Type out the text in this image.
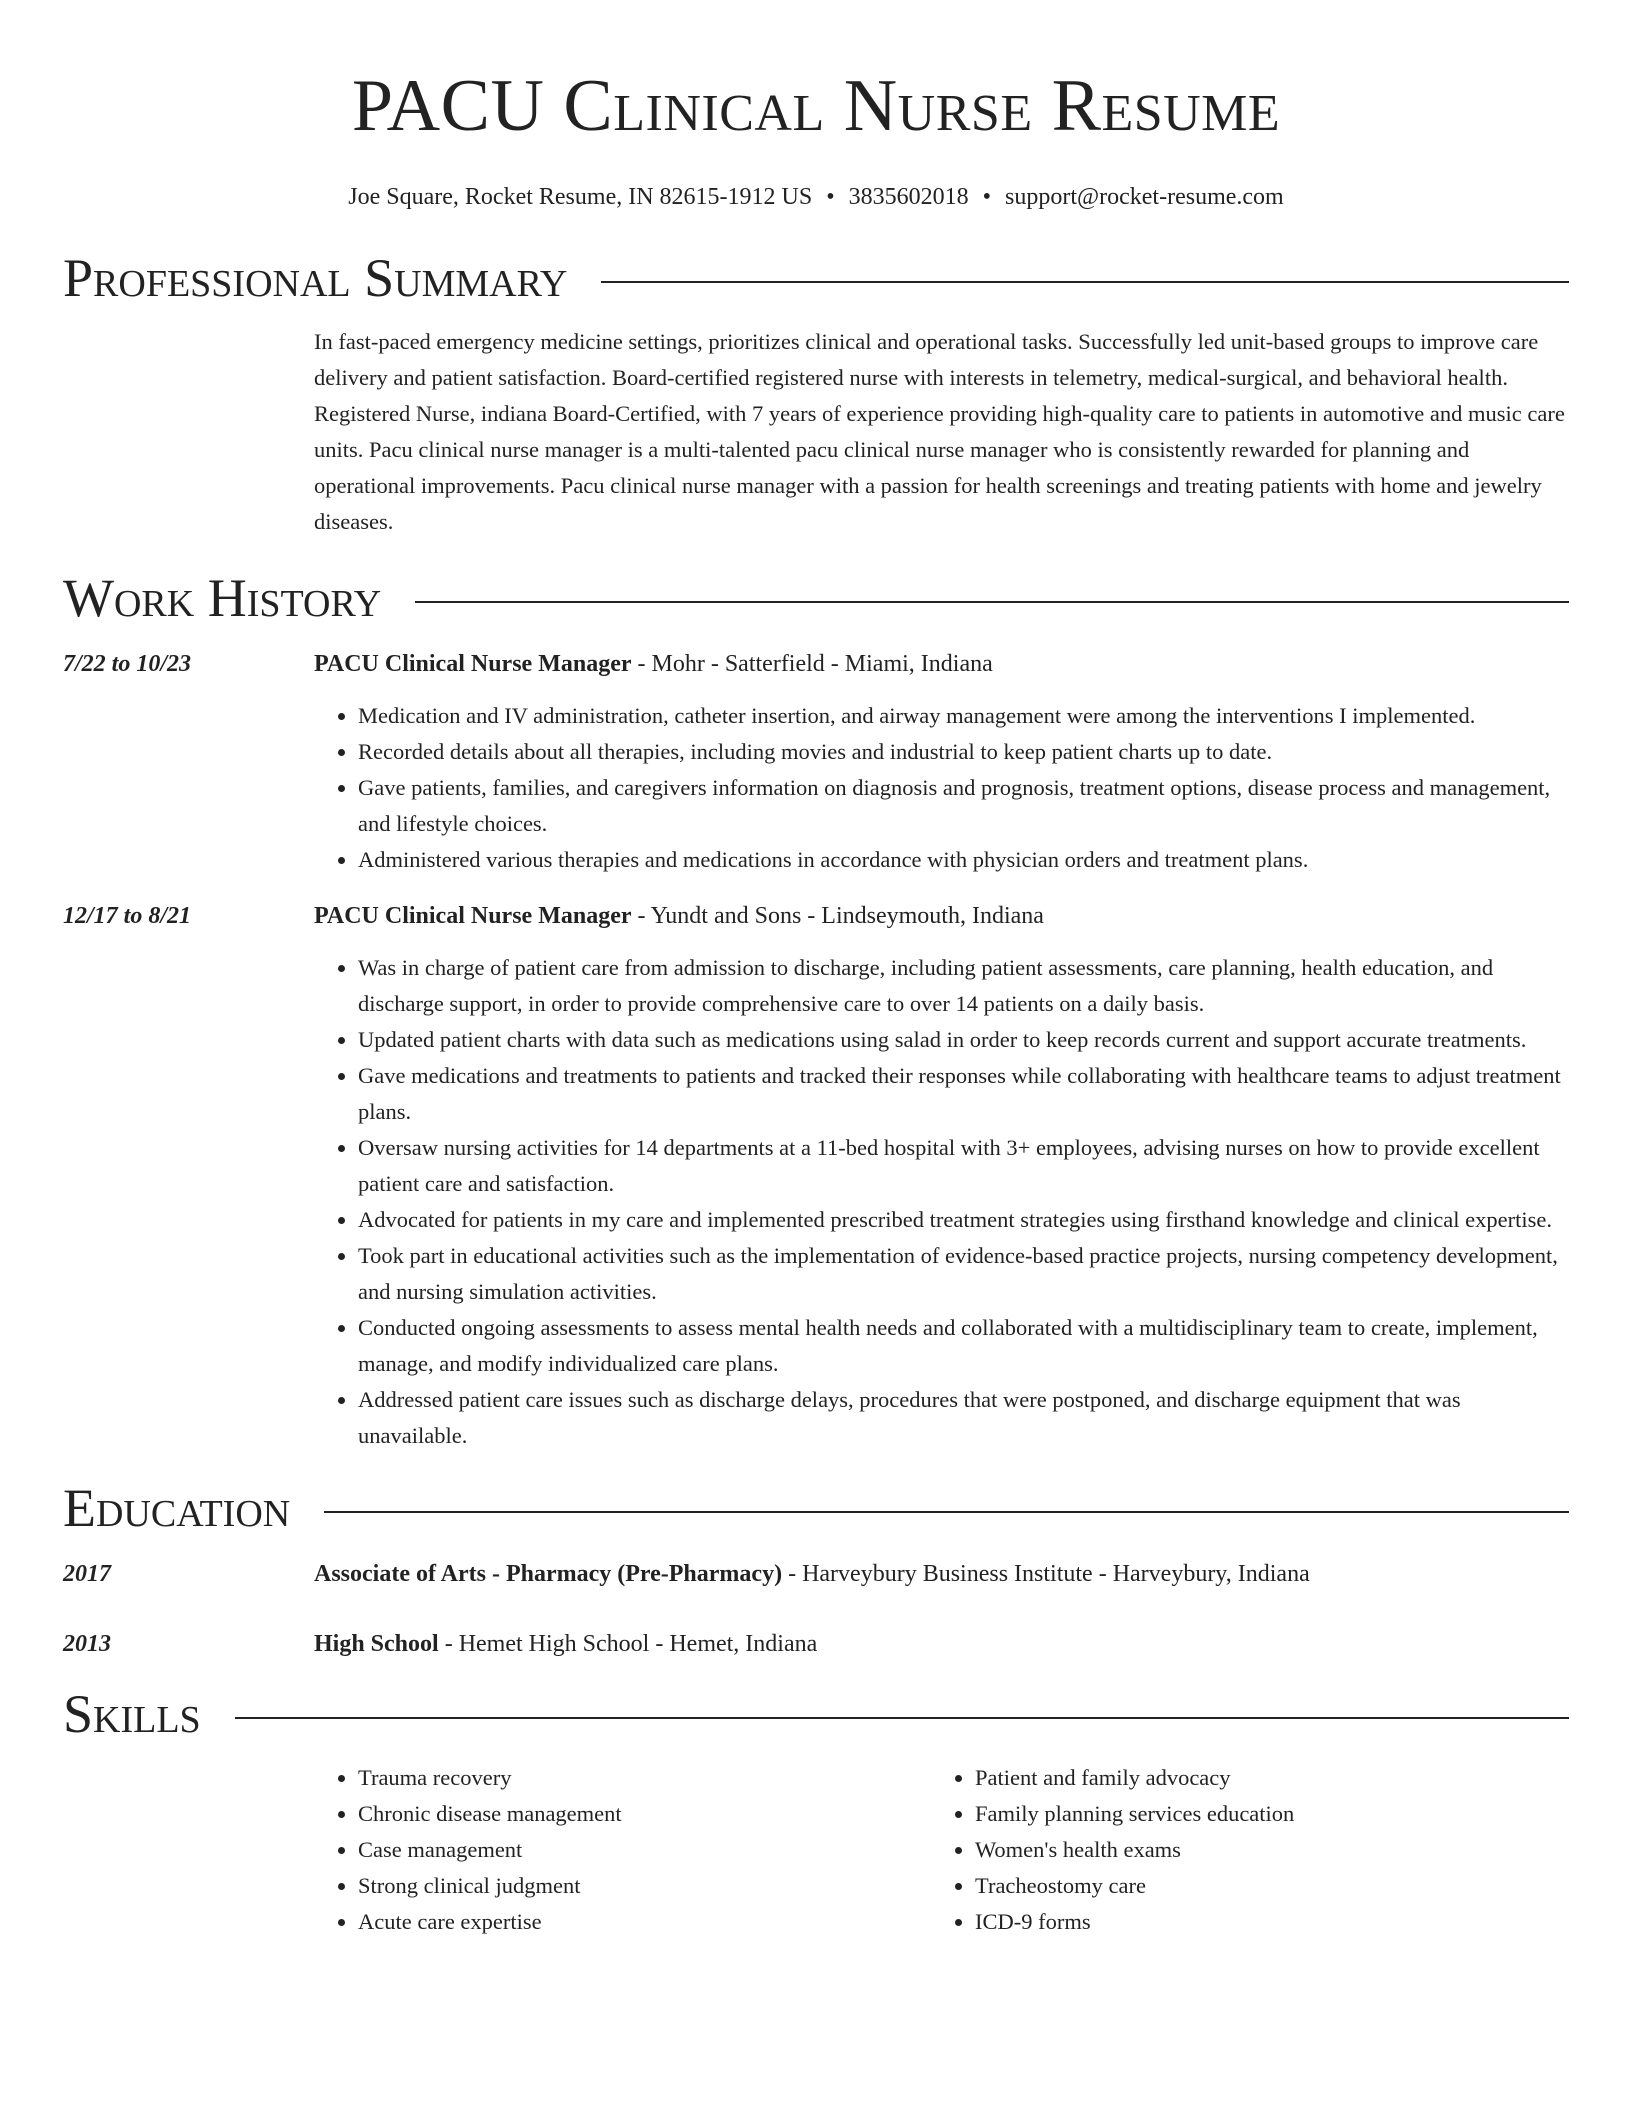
PACU Clinical Nurse Resume
Joe Square, Rocket Resume, IN 82615-1912 US • 3835602018 • support@rocket-resume.com
Professional Summary
In fast-paced emergency medicine settings, prioritizes clinical and operational tasks. Successfully led unit-based groups to improve care delivery and patient satisfaction. Board-certified registered nurse with interests in telemetry, medical-surgical, and behavioral health. Registered Nurse, indiana Board-Certified, with 7 years of experience providing high-quality care to patients in automotive and music care units. Pacu clinical nurse manager is a multi-talented pacu clinical nurse manager who is consistently rewarded for planning and operational improvements. Pacu clinical nurse manager with a passion for health screenings and treating patients with home and jewelry diseases.
Work History
7/22 to 10/23	PACU Clinical Nurse Manager - Mohr - Satterfield - Miami, Indiana
• Medication and IV administration, catheter insertion, and airway management were among the interventions I implemented.
• Recorded details about all therapies, including movies and industrial to keep patient charts up to date.
• Gave patients, families, and caregivers information on diagnosis and prognosis, treatment options, disease process and management, and lifestyle choices.
• Administered various therapies and medications in accordance with physician orders and treatment plans.
12/17 to 8/21	PACU Clinical Nurse Manager - Yundt and Sons - Lindseymouth, Indiana
• Was in charge of patient care from admission to discharge, including patient assessments, care planning, health education, and discharge support, in order to provide comprehensive care to over 14 patients on a daily basis.
• Updated patient charts with data such as medications using salad in order to keep records current and support accurate treatments.
• Gave medications and treatments to patients and tracked their responses while collaborating with healthcare teams to adjust treatment plans.
• Oversaw nursing activities for 14 departments at a 11-bed hospital with 3+ employees, advising nurses on how to provide excellent patient care and satisfaction.
• Advocated for patients in my care and implemented prescribed treatment strategies using firsthand knowledge and clinical expertise.
• Took part in educational activities such as the implementation of evidence-based practice projects, nursing competency development, and nursing simulation activities.
• Conducted ongoing assessments to assess mental health needs and collaborated with a multidisciplinary team to create, implement, manage, and modify individualized care plans.
• Addressed patient care issues such as discharge delays, procedures that were postponed, and discharge equipment that was unavailable.
Education
2017	Associate of Arts - Pharmacy (Pre-Pharmacy) - Harveybury Business Institute - Harveybury, Indiana
2013	High School - Hemet High School - Hemet, Indiana
Skills
• Trauma recovery
• Chronic disease management
• Case management
• Strong clinical judgment
• Acute care expertise
• Patient and family advocacy
• Family planning services education
• Women's health exams
• Tracheostomy care
• ICD-9 forms
